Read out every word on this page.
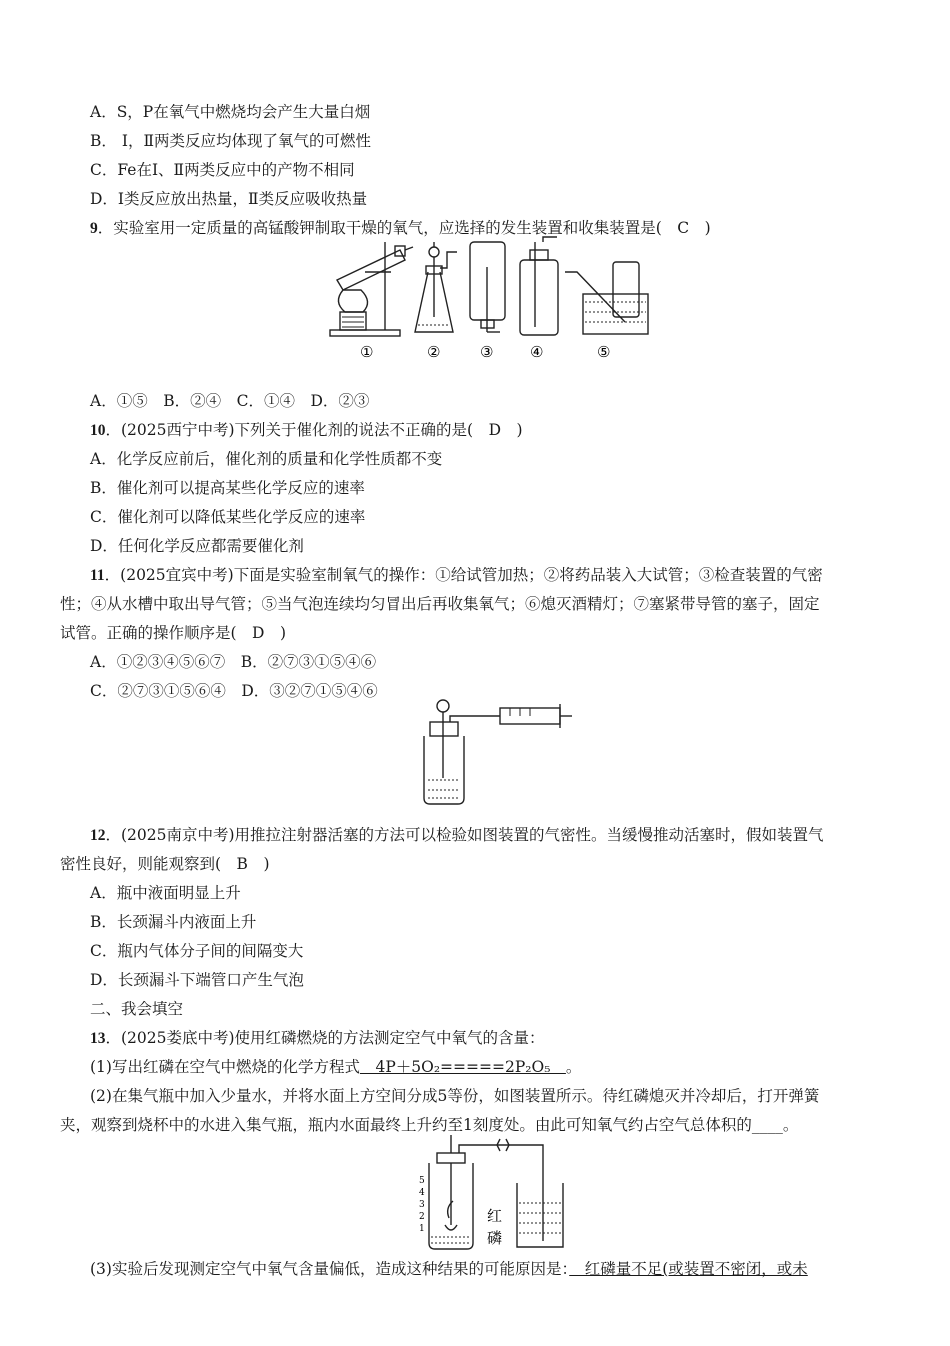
A．S，P在氧气中燃烧均会产生大量白烟
B． Ⅰ，Ⅱ两类反应均体现了氧气的可燃性
C．Fe在Ⅰ、Ⅱ两类反应中的产物不相同
D．Ⅰ类反应放出热量，Ⅱ类反应吸收热量
9．实验室用一定质量的高锰酸钾制取干燥的氧气，应选择的发生装置和收集装置是(　C　)
①	②	③ ④	⑤
A．①⑤　B．②④　C．①④　D．②③
10．(2025西宁中考)下列关于催化剂的说法不正确的是(　D　)
A．化学反应前后，催化剂的质量和化学性质都不变
B．催化剂可以提高某些化学反应的速率
C．催化剂可以降低某些化学反应的速率
D．任何化学反应都需要催化剂
11．(2025宜宾中考)下面是实验室制氧气的操作：①给试管加热；②将药品装入大试管；③检查装置的气密
性；④从水槽中取出导气管；⑤当气泡连续均匀冒出后再收集氧气；⑥熄灭酒精灯；⑦塞紧带导管的塞子，固定
试管。正确的操作顺序是(　D　)
A．①②③④⑤⑥⑦　B．②⑦③①⑤④⑥
C．②⑦③①⑤⑥④　D．③②⑦①⑤④⑥
12．(2025南京中考)用推拉注射器活塞的方法可以检验如图装置的气密性。当缓慢推动活塞时，假如装置气
密性良好，则能观察到(　B　)
A．瓶中液面明显上升
B．长颈漏斗内液面上升
C．瓶内气体分子间的间隔变大
D．长颈漏斗下端管口产生气泡
二、我会填空
13．(2025娄底中考)使用红磷燃烧的方法测定空气中氧气的含量：
(1)写出红磷在空气中燃烧的化学方程式　4P＋5O₂=====2P₂O₅　。
(2)在集气瓶中加入少量水，并将水面上方空间分成5等份，如图装置所示。待红磷熄灭并冷却后，打开弹簧
夹，观察到烧杯中的水进入集气瓶，瓶内水面最终上升约至1刻度处。由此可知氧气约占空气总体积的____。
5
4
3
2
1
红
磷
(3)实验后发现测定空气中氧气含量偏低，造成这种结果的可能原因是：　红磷量不足(或装置不密闭，或未
